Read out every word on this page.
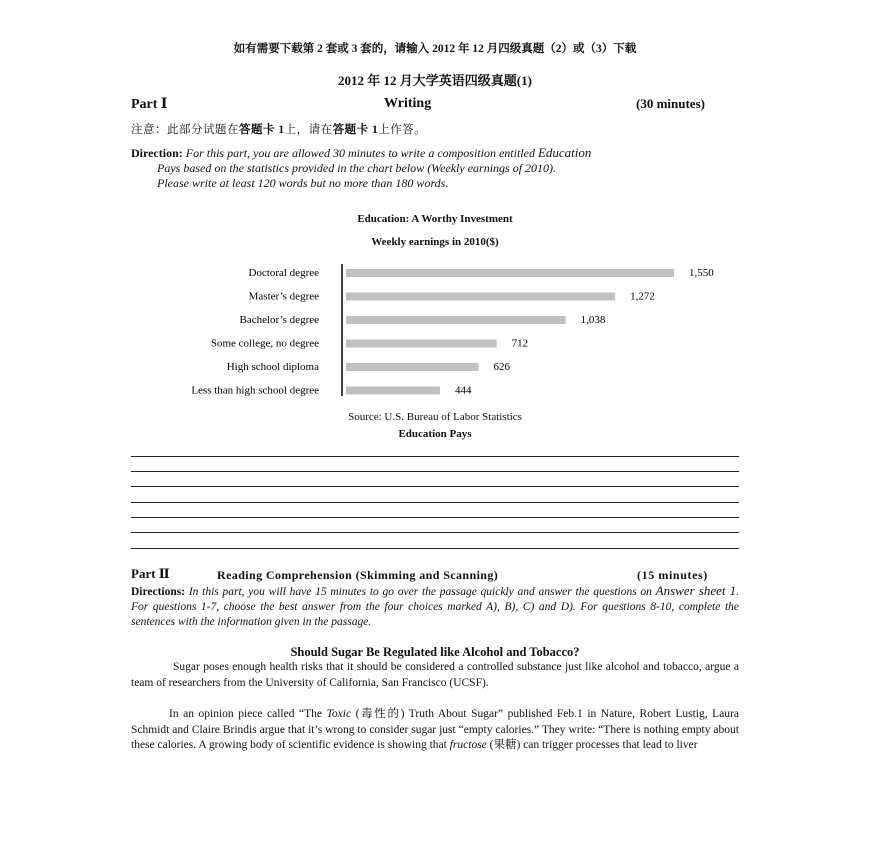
如有需要下载第 2 套或 3 套的，请输入 2012 年 12 月四级真题（2）或（3）下载
2012 年 12 月大学英语四级真题(1)
Part Ⅰ	Writing	(30 minutes)
注意：此部分试题在答题卡 1上，请在答题卡 1上作答。
Direction: For this part, you are allowed 30 minutes to write a composition entitled Education
Pays based on the statistics provided in the chart below (Weekly earnings of 2010).
Please write at least 120 words but no more than 180 words.
Education: A Worthy Investment
Weekly earnings in 2010($)
Doctoral degree	1,550
Master’s degree	1,272
Bachelor’s degree	1,038
Some college, no degree	712
High school diploma	626
Less than high school degree	444
Source: U.S. Bureau of Labor Statistics
Education Pays
Part Ⅱ	Reading Comprehension (Skimming and Scanning)	(15 minutes)
Directions: In this part, you will have 15 minutes to go over the passage quickly and answer the questions on Answer sheet 1. For questions 1-7, choose the best answer from the four choices marked A), B), C) and D). For questions 8-10, complete the sentences with the information given in the passage.
Should Sugar Be Regulated like Alcohol and Tobacco?
Sugar poses enough health risks that it should be considered a controlled substance just like alcohol and tobacco, argue a team of researchers from the University of California, San Francisco (UCSF).
In an opinion piece called “The Toxic (毒性的) Truth About Sugar” published Feb.1 in Nature, Robert Lustig, Laura Schmidt and Claire Brindis argue that it’s wrong to consider sugar just “empty calories.” They write: “There is nothing empty about these calories. A growing body of scientific evidence is showing that fructose (果糖) can trigger processes that lead to liver
